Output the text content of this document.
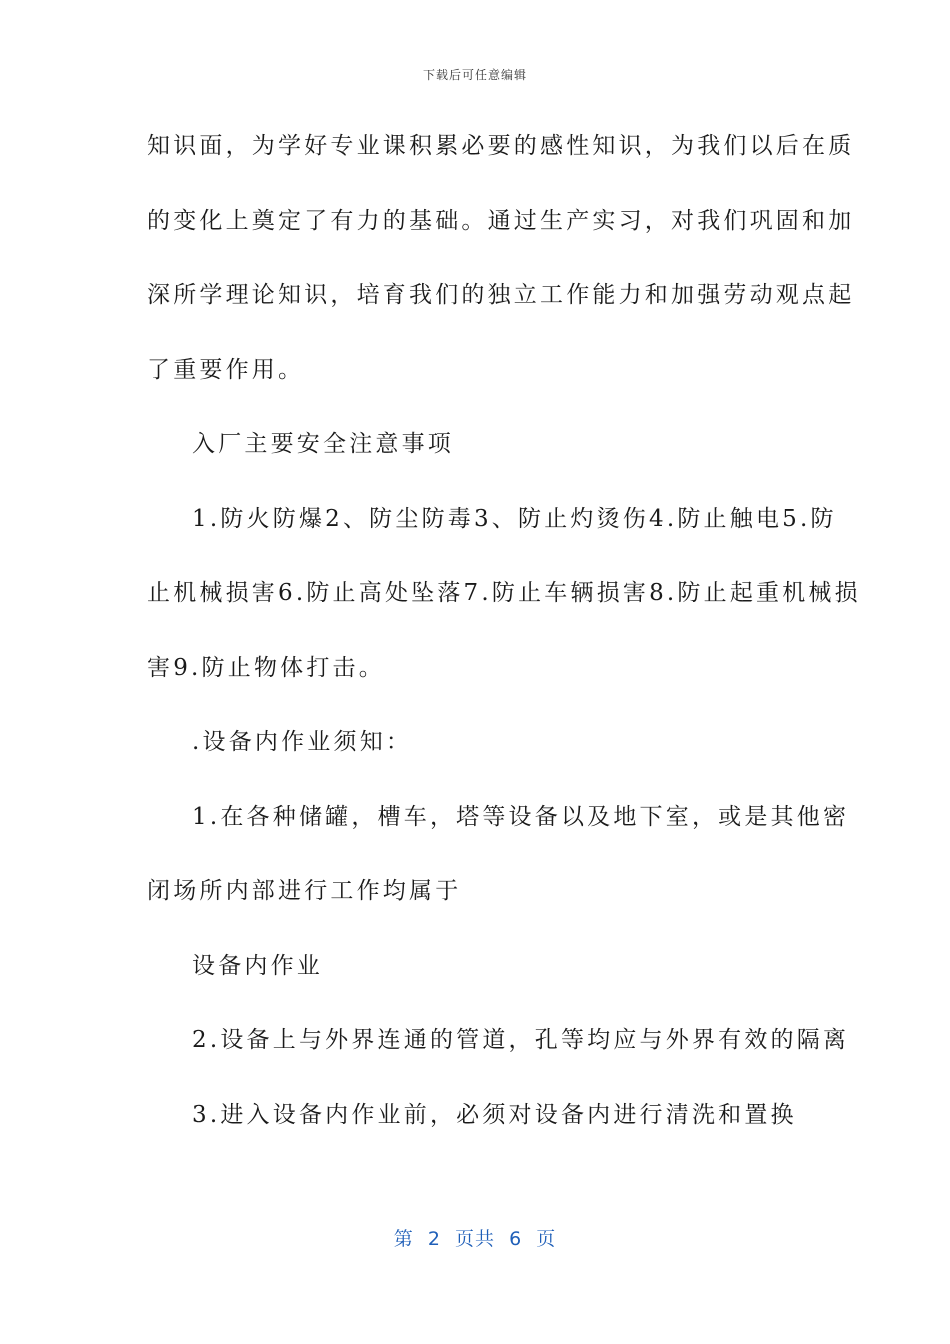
下载后可任意编辑
知识面，为学好专业课积累必要的感性知识，为我们以后在质
的变化上奠定了有力的基础。通过生产实习，对我们巩固和加
深所学理论知识，培育我们的独立工作能力和加强劳动观点起
了重要作用。
入厂主要安全注意事项
1.防火防爆2、防尘防毒3、防止灼烫伤4.防止触电5.防
止机械损害6.防止高处坠落7.防止车辆损害8.防止起重机械损
害9.防止物体打击。
.设备内作业须知：
1.在各种储罐，槽车，塔等设备以及地下室，或是其他密
闭场所内部进行工作均属于
设备内作业
2.设备上与外界连通的管道，孔等均应与外界有效的隔离
3.进入设备内作业前，必须对设备内进行清洗和置换
第  2  页共  6  页
